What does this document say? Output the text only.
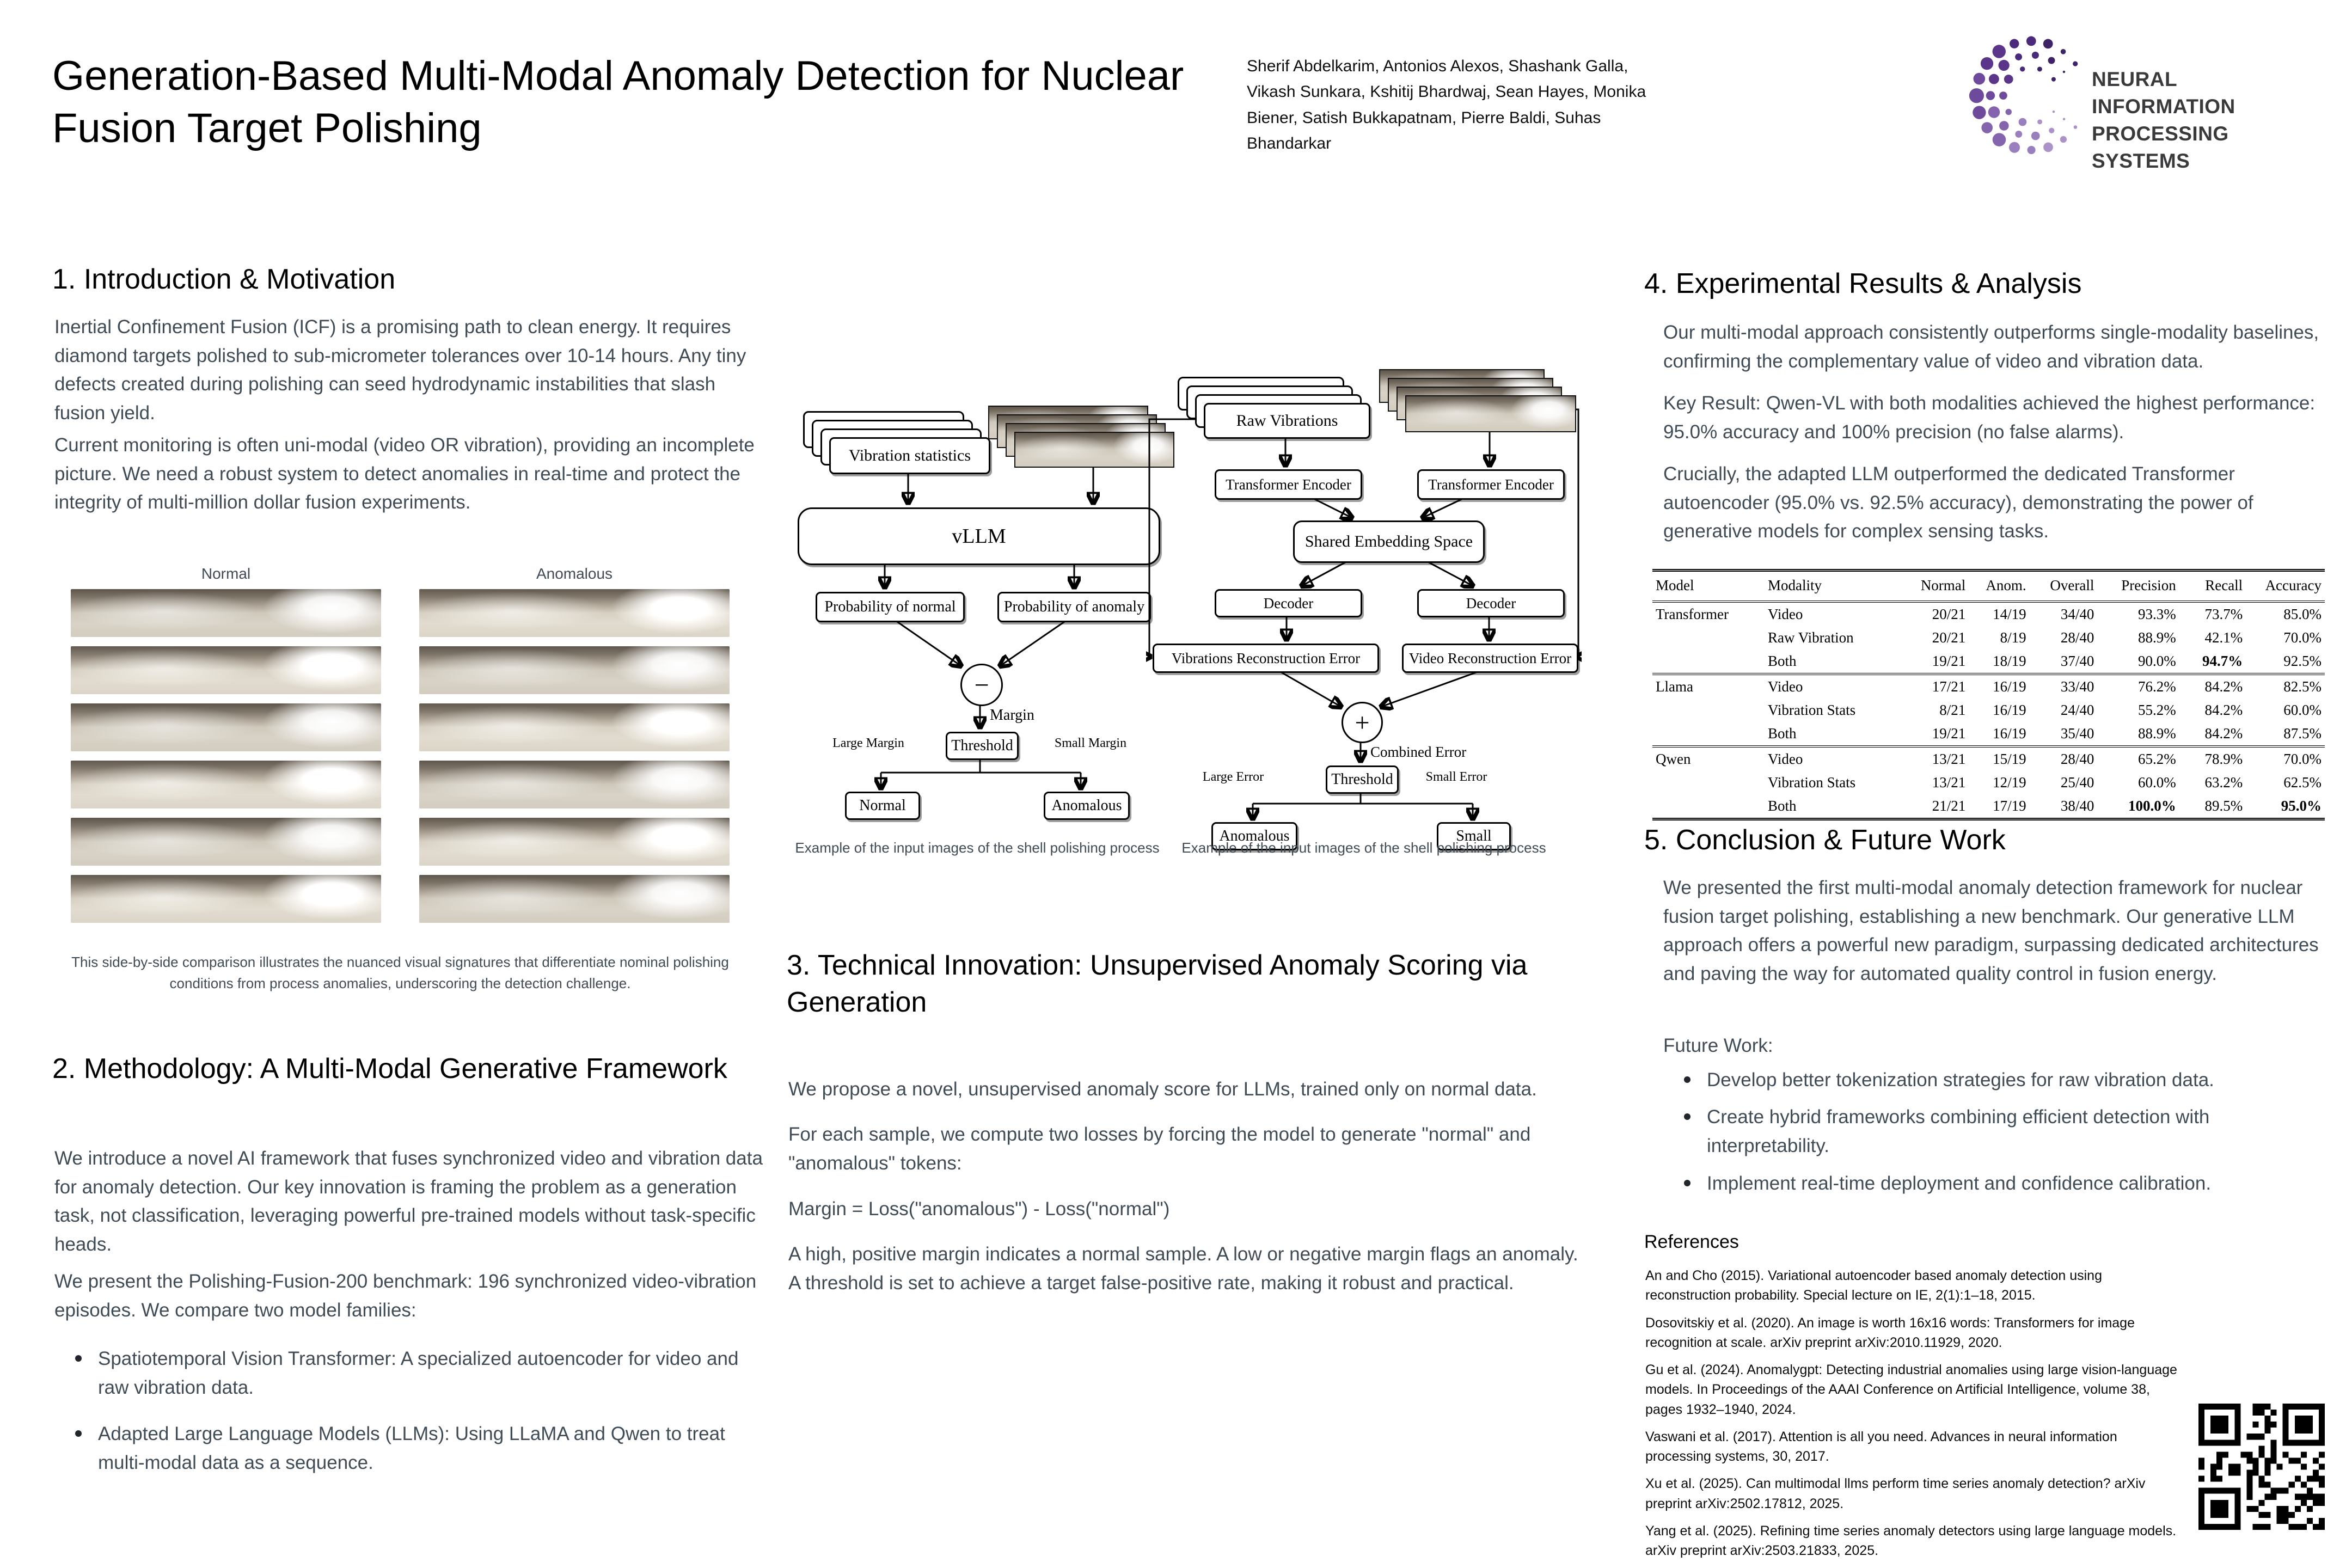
Generation-Based Multi-Modal Anomaly Detection for Nuclear Fusion Target Polishing
Sherif Abdelkarim, Antonios Alexos, Shashank Galla, Vikash Sunkara, Kshitij Bhardwaj, Sean Hayes, Monika Biener, Satish Bukkapatnam, Pierre Baldi, Suhas Bhandarkar
NEURAL INFORMATION
PROCESSING SYSTEMS
1. Introduction & Motivation
Inertial Confinement Fusion (ICF) is a promising path to clean energy. It requires diamond targets polished to sub-micrometer tolerances over 10-14 hours. Any tiny defects created during polishing can seed hydrodynamic instabilities that slash fusion yield.
Current monitoring is often uni-modal (video OR vibration), providing an incomplete picture. We need a robust system to detect anomalies in real-time and protect the integrity of multi-million dollar fusion experiments.
Normal	Anomalous
This side-by-side comparison illustrates the nuanced visual signatures that differentiate nominal polishing conditions from process anomalies, underscoring the detection challenge.
2. Methodology: A Multi-Modal Generative Framework
We introduce a novel AI framework that fuses synchronized video and vibration data for anomaly detection. Our key innovation is framing the problem as a generation task, not classification, leveraging powerful pre-trained models without task-specific heads.
We present the Polishing-Fusion-200 benchmark: 196 synchronized video-vibration episodes. We compare two model families:
Spatiotemporal Vision Transformer: A specialized autoencoder for video and raw vibration data.
Adapted Large Language Models (LLMs): Using LLaMA and Qwen to treat multi-modal data as a sequence.
Vibration statistics
vLLM
Probability of normal	Probability of anomaly
−
Margin
Threshold
Large Margin	Small Margin
Normal	Anomalous
Example of the input images of the shell polishing process
Raw Vibrations
Transformer Encoder	Transformer Encoder
Shared Embedding Space
Decoder	Decoder
Vibrations Reconstruction Error	Video Reconstruction Error
+
Combined Error
Threshold
Large Error	Small Error
Anomalous	Small
Example of the input images of the shell polishing process
3. Technical Innovation: Unsupervised Anomaly Scoring via Generation
We propose a novel, unsupervised anomaly score for LLMs, trained only on normal data.
For each sample, we compute two losses by forcing the model to generate "normal" and "anomalous" tokens:
Margin = Loss("anomalous") - Loss("normal")
A high, positive margin indicates a normal sample. A low or negative margin flags an anomaly. A threshold is set to achieve a target false-positive rate, making it robust and practical.
4. Experimental Results & Analysis
Our multi-modal approach consistently outperforms single-modality baselines, confirming the complementary value of video and vibration data.
Key Result: Qwen-VL with both modalities achieved the highest performance: 95.0% accuracy and 100% precision (no false alarms).
Crucially, the adapted LLM outperformed the dedicated Transformer autoencoder (95.0% vs. 92.5% accuracy), demonstrating the power of generative models for complex sensing tasks.
Model	Modality	Normal	Anom.	Overall	Precision	Recall	Accuracy
Transformer	Video	20/21	14/19	34/40	93.3%	73.7%	85.0%
	Raw Vibration	20/21	8/19	28/40	88.9%	42.1%	70.0%
	Both	19/21	18/19	37/40	90.0%	94.7%	92.5%
Llama	Video	17/21	16/19	33/40	76.2%	84.2%	82.5%
	Vibration Stats	8/21	16/19	24/40	55.2%	84.2%	60.0%
	Both	19/21	16/19	35/40	88.9%	84.2%	87.5%
Qwen	Video	13/21	15/19	28/40	65.2%	78.9%	70.0%
	Vibration Stats	13/21	12/19	25/40	60.0%	63.2%	62.5%
	Both	21/21	17/19	38/40	100.0%	89.5%	95.0%
5. Conclusion & Future Work
We presented the first multi-modal anomaly detection framework for nuclear fusion target polishing, establishing a new benchmark. Our generative LLM approach offers a powerful new paradigm, surpassing dedicated architectures and paving the way for automated quality control in fusion energy.
Future Work:
Develop better tokenization strategies for raw vibration data.
Create hybrid frameworks combining efficient detection with interpretability.
Implement real-time deployment and confidence calibration.
References
An and Cho (2015). Variational autoencoder based anomaly detection using reconstruction probability. Special lecture on IE, 2(1):1–18, 2015.
Dosovitskiy et al. (2020). An image is worth 16x16 words: Transformers for image recognition at scale. arXiv preprint arXiv:2010.11929, 2020.
Gu et al. (2024). Anomalygpt: Detecting industrial anomalies using large vision-language models. In Proceedings of the AAAI Conference on Artificial Intelligence, volume 38, pages 1932–1940, 2024.
Vaswani et al. (2017). Attention is all you need. Advances in neural information processing systems, 30, 2017.
Xu et al. (2025). Can multimodal llms perform time series anomaly detection? arXiv preprint arXiv:2502.17812, 2025.
Yang et al. (2025). Refining time series anomaly detectors using large language models. arXiv preprint arXiv:2503.21833, 2025.
